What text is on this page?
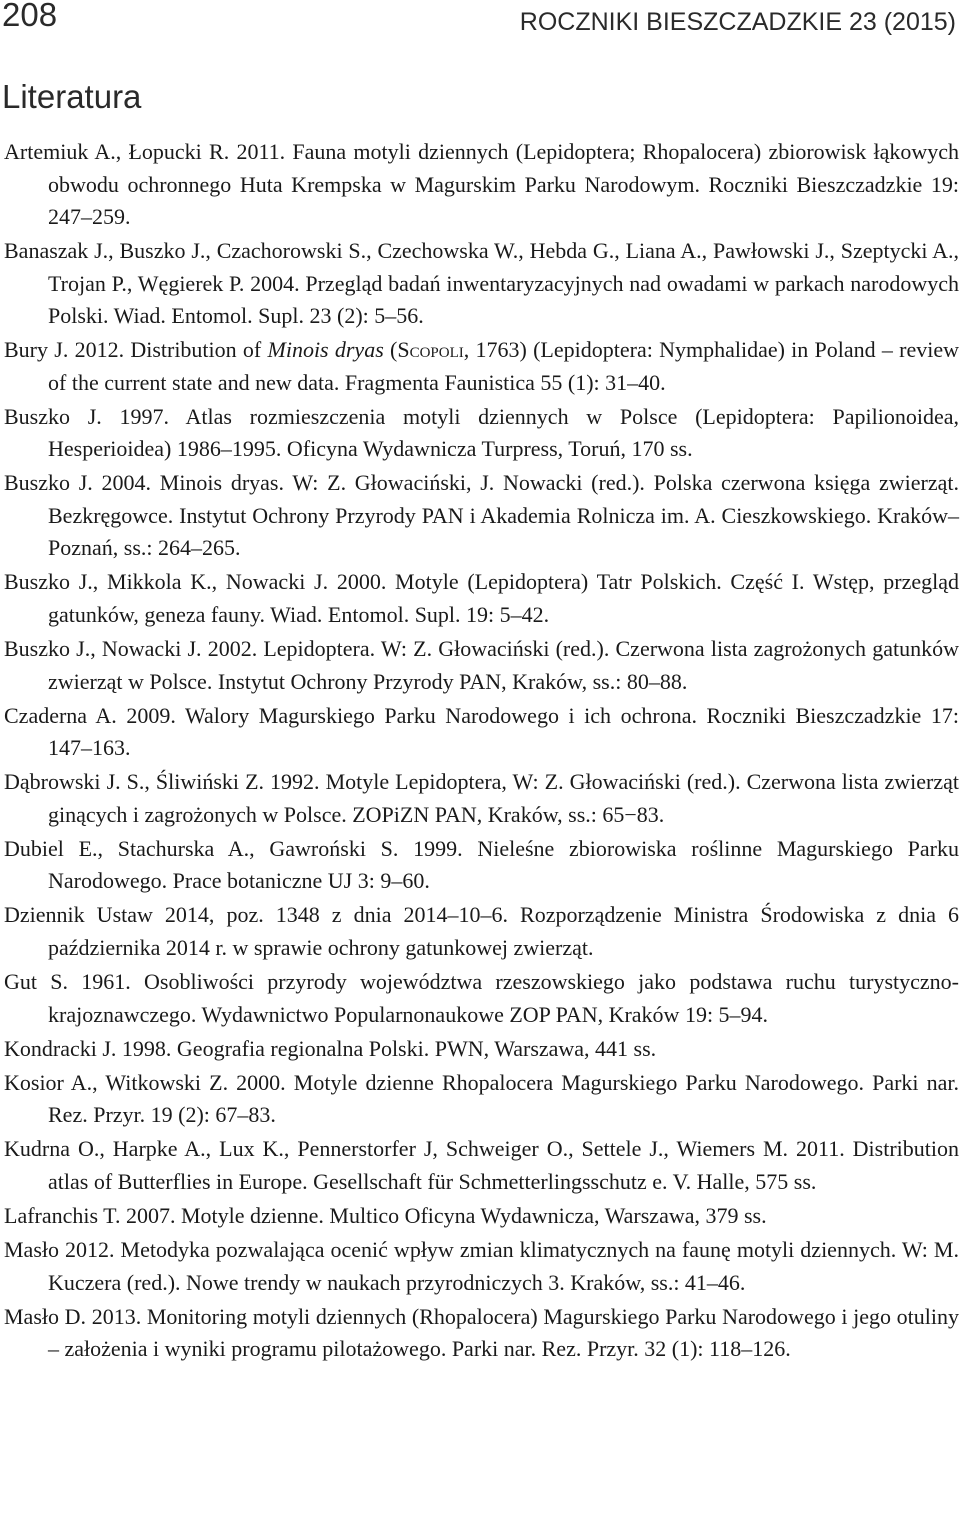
208	ROCZNIKI BIESZCZADZKIE 23 (2015)
Literatura

Artemiuk A., Łopucki R. 2011. Fauna motyli dziennych (Lepidoptera; Rhopalocera) zbiorowisk łąkowych obwodu ochronnego Huta Krempska w Magurskim Parku Narodowym. Roczniki Bieszczadzkie 19: 247–259.

Banaszak J., Buszko J., Czachorowski S., Czechowska W., Hebda G., Liana A., Pawłowski J., Szeptycki A., Trojan P., Węgierek P. 2004. Przegląd badań inwentaryzacyjnych nad owadami w parkach narodowych Polski. Wiad. Entomol. Supl. 23 (2): 5–56.

Bury J. 2012. Distribution of Minois dryas (Scopoli, 1763) (Lepidoptera: Nymphalidae) in Poland – review of the current state and new data. Fragmenta Faunistica 55 (1): 31–40.

Buszko J. 1997. Atlas rozmieszczenia motyli dziennych w Polsce (Lepidoptera: Papilionoidea, Hesperioidea) 1986–1995. Oficyna Wydawnicza Turpress, Toruń, 170 ss.

Buszko J. 2004. Minois dryas. W: Z. Głowaciński, J. Nowacki (red.). Polska czerwona księga zwierząt. Bezkręgowce. Instytut Ochrony Przyrody PAN i Akademia Rolnicza im. A. Cieszkowskiego. Kraków–Poznań, ss.: 264–265.

Buszko J., Mikkola K., Nowacki J. 2000. Motyle (Lepidoptera) Tatr Polskich. Część I. Wstęp, przegląd gatunków, geneza fauny. Wiad. Entomol. Supl. 19: 5–42.

Buszko J., Nowacki J. 2002. Lepidoptera. W: Z. Głowaciński (red.). Czerwona lista zagrożonych gatunków zwierząt w Polsce. Instytut Ochrony Przyrody PAN, Kraków, ss.: 80–88.

Czaderna A. 2009. Walory Magurskiego Parku Narodowego i ich ochrona. Roczniki Bieszczadzkie 17: 147–163.

Dąbrowski J. S., Śliwiński Z. 1992. Motyle Lepidoptera, W: Z. Głowaciński (red.). Czerwona lista zwierząt ginących i zagrożonych w Polsce. ZOPiZN PAN, Kraków, ss.: 65−83.

Dubiel E., Stachurska A., Gawroński S. 1999. Nieleśne zbiorowiska roślinne Magurskiego Parku Narodowego. Prace botaniczne UJ 3: 9–60.

Dziennik Ustaw 2014, poz. 1348 z dnia 2014–10–6. Rozporządzenie Ministra Środowiska z dnia 6 października 2014 r. w sprawie ochrony gatunkowej zwierząt.

Gut S. 1961. Osobliwości przyrody województwa rzeszowskiego jako podstawa ruchu turystyczno-krajoznawczego. Wydawnictwo Popularnonaukowe ZOP PAN, Kraków 19: 5–94.

Kondracki J. 1998. Geografia regionalna Polski. PWN, Warszawa, 441 ss.

Kosior A., Witkowski Z. 2000. Motyle dzienne Rhopalocera Magurskiego Parku Narodowego. Parki nar. Rez. Przyr. 19 (2): 67–83.

Kudrna O., Harpke A., Lux K., Pennerstorfer J, Schweiger O., Settele J., Wiemers M. 2011. Distribution atlas of Butterflies in Europe. Gesellschaft für Schmetterlingsschutz e. V. Halle, 575 ss.

Lafranchis T. 2007. Motyle dzienne. Multico Oficyna Wydawnicza, Warszawa, 379 ss.

Masło 2012. Metodyka pozwalająca ocenić wpływ zmian klimatycznych na faunę motyli dziennych. W: M. Kuczera (red.). Nowe trendy w naukach przyrodniczych 3. Kraków, ss.: 41–46.

Masło D. 2013. Monitoring motyli dziennych (Rhopalocera) Magurskiego Parku Narodowego i jego otuliny – założenia i wyniki programu pilotażowego. Parki nar. Rez. Przyr. 32 (1): 118–126.
